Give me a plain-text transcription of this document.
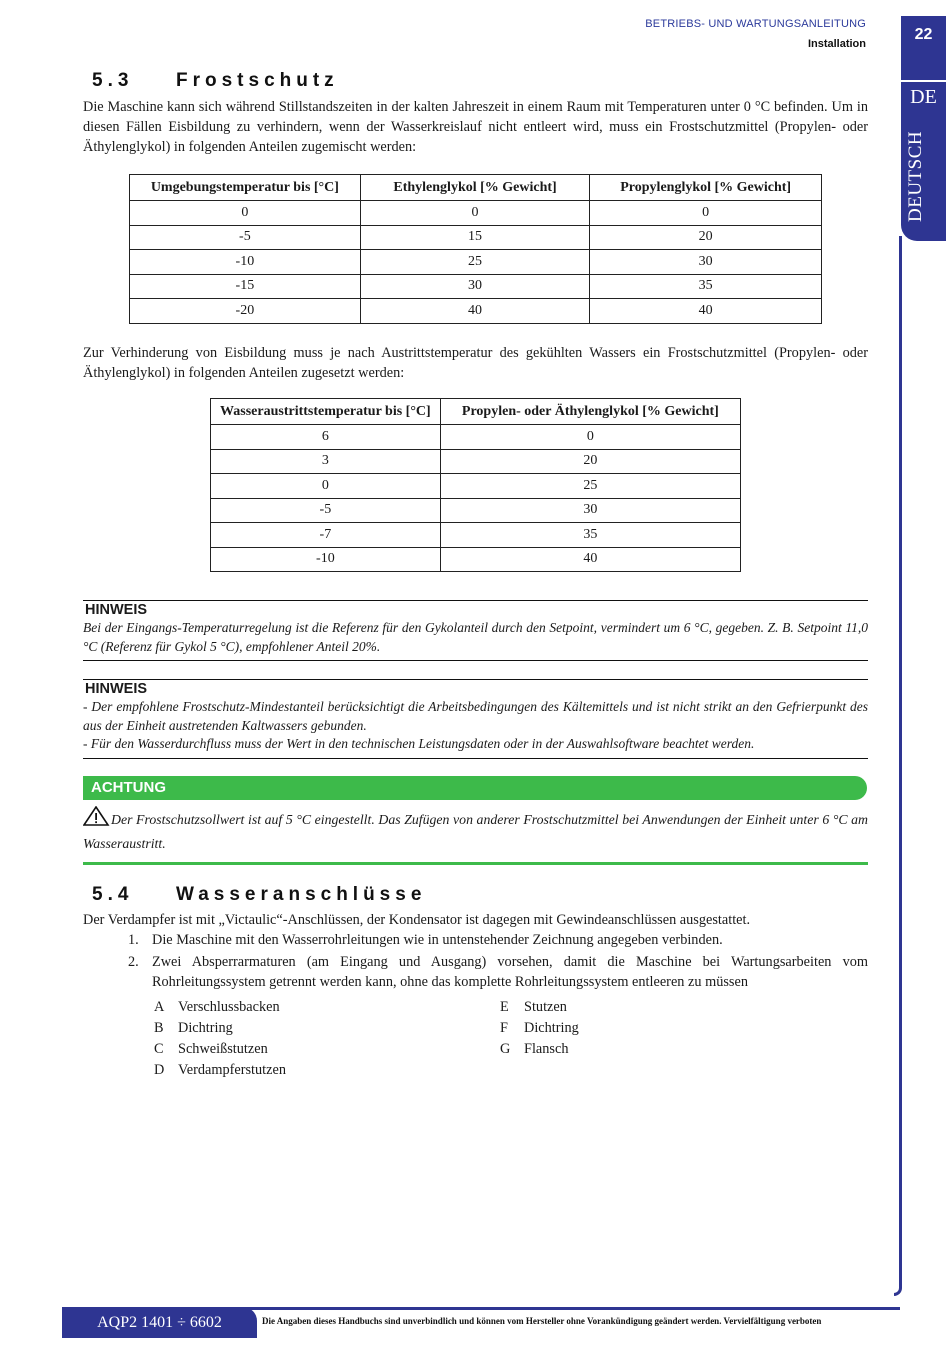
BETRIEBS- UND WARTUNGSANLEITUNG
Installation
22
DE
DEUTSCH
5.3 Frostschutz

Die Maschine kann sich während Stillstandszeiten in der kalten Jahreszeit in einem Raum mit Temperaturen unter 0 °C befinden. Um in diesen Fällen Eisbildung zu verhindern, wenn der Wasserkreislauf nicht entleert wird, muss ein Frostschutzmittel (Propylen- oder Äthylenglykol) in folgenden Anteilen zugemischt werden:

Umgebungstemperatur bis [°C]	Ethylenglykol [% Gewicht]	Propylenglykol [% Gewicht]
0	0	0
-5	15	20
-10	25	30
-15	30	35
-20	40	40

Zur Verhinderung von Eisbildung muss je nach Austrittstemperatur des gekühlten Wassers ein Frostschutzmittel (Propylen- oder Äthylenglykol) in folgenden Anteilen zugesetzt werden:

Wasseraustrittstemperatur bis [°C]	Propylen- oder Äthylenglykol [% Gewicht]
6	0
3	20
0	25
-5	30
-7	35
-10	40
HINWEIS
Bei der Eingangs-Temperaturregelung ist die Referenz für den Gykolanteil durch den Setpoint, vermindert um 6 °C, gegeben. Z. B. Setpoint 11,0 °C (Referenz für Gykol 5 °C), empfohlener Anteil 20%.
HINWEIS
- Der empfohlene Frostschutz-Mindestanteil berücksichtigt die Arbeitsbedingungen des Kältemittels und ist nicht strikt an den Gefrierpunkt des aus der Einheit austretenden Kaltwassers gebunden.
- Für den Wasserdurchfluss muss der Wert in den technischen Leistungsdaten oder in der Auswahlsoftware beachtet werden.
ACHTUNG
Der Frostschutzsollwert ist auf 5 °C eingestellt. Das Zufügen von anderer Frostschutzmittel bei Anwendungen der Einheit unter 6 °C am Wasseraustritt.
5.4 Wasseranschlüsse

Der Verdampfer ist mit „Victaulic“-Anschlüssen, der Kondensator ist dagegen mit Gewindeanschlüssen ausgestattet.

1. Die Maschine mit den Wasserrohrleitungen wie in untenstehender Zeichnung angegeben verbinden.
2. Zwei Absperrarmaturen (am Eingang und Ausgang) vorsehen, damit die Maschine bei Wartungsarbeiten vom Rohrleitungssystem getrennt werden kann, ohne das komplette Rohrleitungssystem entleeren zu müssen
A Verschlussbacken
B	Dichtring
C	Schweißstutzen
D Verdampferstutzen
E	Stutzen
F	Dichtring
G Flansch
AQP2 1401 ÷ 6602	Die Angaben dieses Handbuchs sind unverbindlich und können vom Hersteller ohne Vorankündigung geändert werden. Vervielfältigung verboten
